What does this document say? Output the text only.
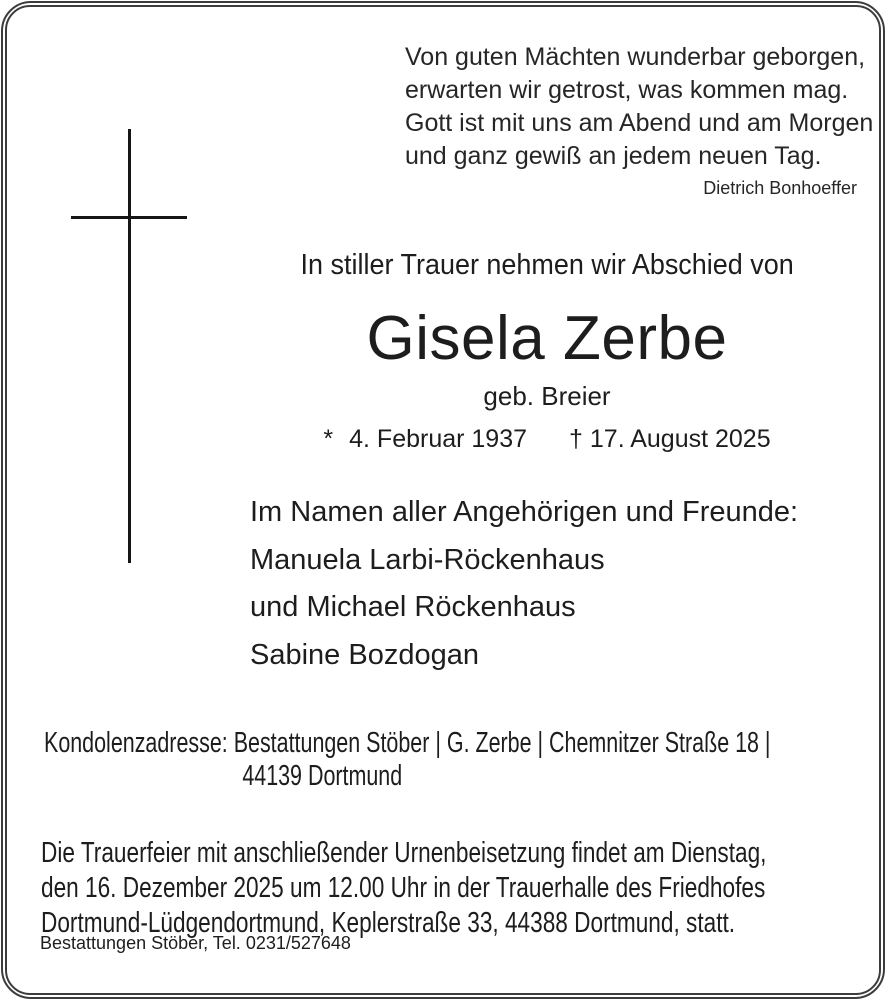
Von guten Mächten wunderbar geborgen,
erwarten wir getrost, was kommen mag.
Gott ist mit uns am Abend und am Morgen
und ganz gewiß an jedem neuen Tag.
Dietrich Bonhoeffer
In stiller Trauer nehmen wir Abschied von
Gisela Zerbe
geb. Breier
* 4. Februar 1937 † 17. August 2025
Im Namen aller Angehörigen und Freunde:
Manuela Larbi-Röckenhaus
und Michael Röckenhaus
Sabine Bozdogan
Kondolenzadresse: Bestattungen Stöber | G. Zerbe | Chemnitzer Straße 18 |
44139 Dortmund
Die Trauerfeier mit anschließender Urnenbeisetzung findet am Dienstag,
den 16. Dezember 2025 um 12.00 Uhr in der Trauerhalle des Friedhofes
Dortmund-Lüdgendortmund, Keplerstraße 33, 44388 Dortmund, statt.
Bestattungen Stöber, Tel. 0231/527648
